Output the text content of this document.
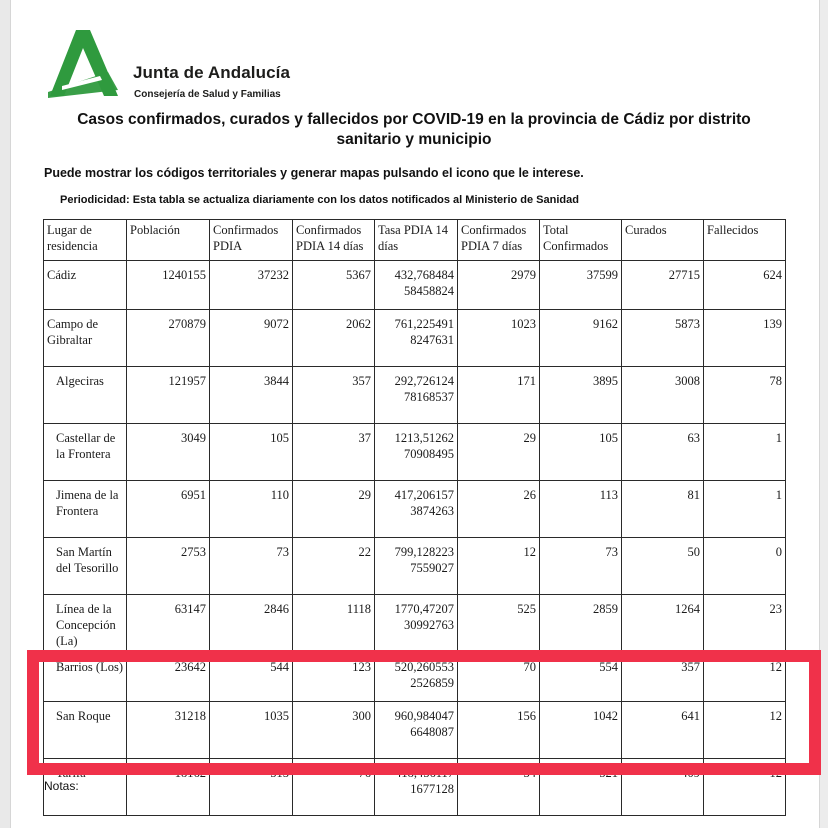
Junta de Andalucía
Consejería de Salud y Familias
Casos confirmados, curados y fallecidos por COVID-19 en la provincia de Cádiz por distrito sanitario y municipio
Puede mostrar los códigos territoriales y generar mapas pulsando el icono que le interese.
Periodicidad: Esta tabla se actualiza diariamente con los datos notificados al Ministerio de Sanidad
Lugar de residencia	Población	Confirmados PDIA	Confirmados PDIA 14 días	Tasa PDIA 14 días	Confirmados PDIA 7 días	Total Confirmados	Curados	Fallecidos
Cádiz	1240155	37232	5367	432,768484 58458824	2979	37599	27715	624
Campo de Gibraltar	270879	9072	2062	761,225491 8247631	1023	9162	5873	139
Algeciras	121957	3844	357	292,726124 78168537	171	3895	3008	78
Castellar de la Frontera	3049	105	37	1213,51262 70908495	29	105	63	1
Jimena de la Frontera	6951	110	29	417,206157 3874263	26	113	81	1
San Martín del Tesorillo	2753	73	22	799,128223 7559027	12	73	50	0
Línea de la Concepción (La)	63147	2846	1118	1770,47207 30992763	525	2859	1264	23
Barrios (Los)	23642	544	123	520,260553 2526859	70	554	357	12
San Roque	31218	1035	300	960,984047 6648087	156	1042	641	12
Tarifa	18162	515	76	418,456117 1677128	34	521	409	12
Notas:
